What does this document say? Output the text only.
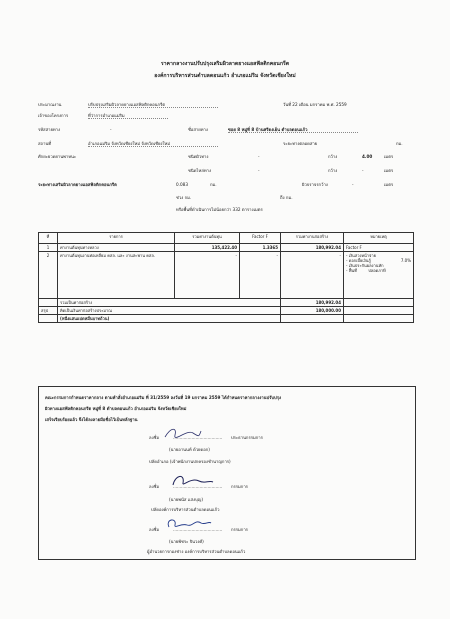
ราคากลางงานปรับปรุงเสริมผิวลาดยางแอสฟัลติกคอนกรีต
องค์การบริหารส่วนตำบลดอนแก้ว อำเภอแม่ริม จังหวัดเชียงใหม่
ประมาณงาน	ปรับปรุงเสริมผิวลาดยางแอสฟัลติกคอนกรีต	วันที่ 22 เดือน มกราคม พ.ศ. 2559
เจ้าของโครงการ	ที่ว่าการอำเภอแม่ริม
รหัสสายทาง	-	ชื่อสายทาง	ซอย 8 หมู่ที่ 8 บ้านศรีดงเย็น ตำบลดอนแก้ว
สถานที่	อำเภอแม่ริม จังหวัดเชียงใหม่ จังหวัดเชียงใหม่	ระยะทางตลอดสาย	กม.
ศักยะยวดยานพาหนะ	ชนิดผิวทาง	-	กว้าง	4.00	เมตร
ชนิดไหล่ทาง	-	กว้าง	-	เมตร
ระยะทางเสริมผิวลาดยางแอสฟัลติกคอนกรีต	0.083	กม.	ผิวจราจรกว้าง	-	เมตร
ช่วง กม.	ถึง กม.
หรือพื้นที่ดำเนินการไม่น้อยกว่า 332 ตารางเมตร
ที่	รายการ	รวมค่างานต้นทุน	Factor F	รวมค่างานก่อสร้าง	หมายเหตุ
1	ค่างานต้นทุนทางหลวง	135,422.40	1.3365	180,992.04	Factor F
2	ค่างานต้นทุนงานท่อเหลี่ยม คสล. และ งานสะพาน คสล.	-	-	-	- เงินล่วงหน้าจ่าย
- ดอกเบี้ยเงินกู้ 7.0%
- เงินประกันผลงานหัก
- ฟื้นที่ ปลอดภาษี

	รวมเป็นค่าก่อสร้าง			180,992.04	
สรุป	คิดเป็นเงินค่าก่อสร้างประมาณ			180,000.00	
	(หนึ่งแสนแปดหมื่นบาทถ้วน)				
คณะกรรมการกำหนดราคากลาง ตามคำสั่งอำเภอแม่ริม ที่ 31/2559 ลงวันที่ 19 มกราคม 2559 ได้กำหนดราคากลางงานปรับปรุง
ผิวทางแอสฟัลติกคอนกรีต หมู่ที่ 8 ตำบลดอนแก้ว อำเภอแม่ริม จังหวัดเชียงใหม่
เสร็จเรียบร้อยแล้ว จึงได้ลงลายมือชื่อไว้เป็นหลักฐาน
ลงชื่อ	.....................................	ประธานกรรมการ
(นายอานนท์ ด้วยดอก)
ปลัดอำเภอ (เจ้าพนักงานปกครองชำนาญการ)
ลงชื่อ	..................................... กรรมการ
(นายพนัส แสงบุญ)
ปลัดองค์การบริหารส่วนตำบลดอนแก้ว
ลงชื่อ	..................................... กรรมการ
(นายพัชระ จินวงศ์)
ผู้อำนวยการกองช่าง องค์การบริหารส่วนตำบลดอนแก้ว
